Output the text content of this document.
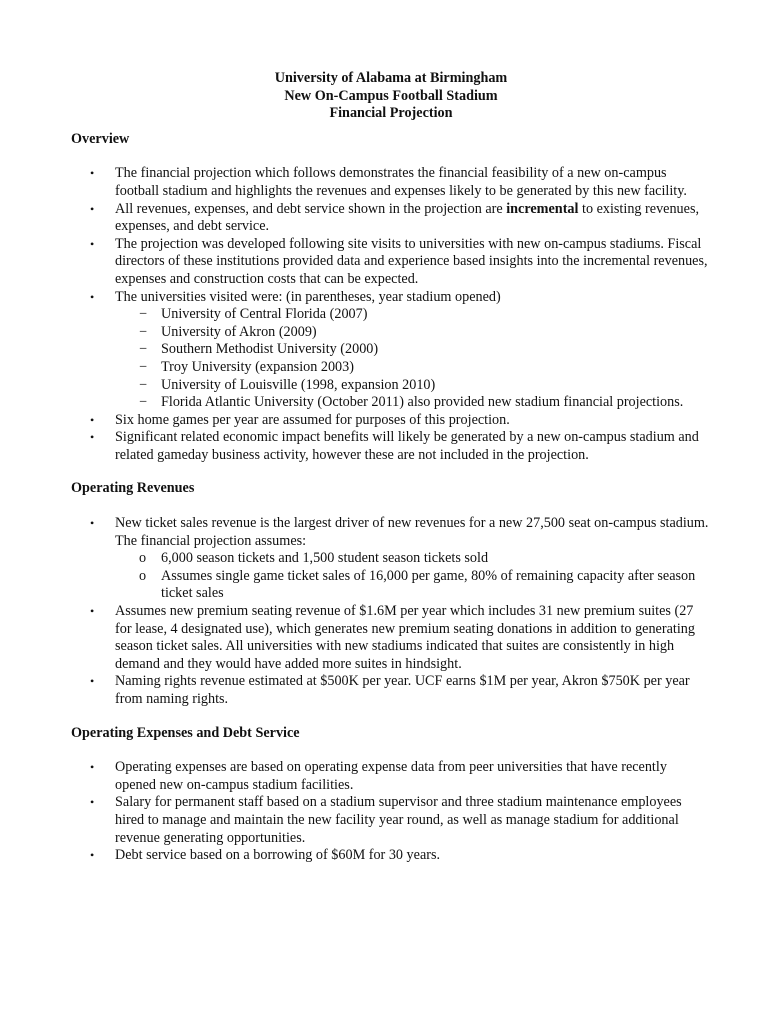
University of Alabama at Birmingham
New On-Campus Football Stadium
Financial Projection
Overview
• The financial projection which follows demonstrates the financial feasibility of a new on-campus football stadium and highlights the revenues and expenses likely to be generated by this new facility.
• All revenues, expenses, and debt service shown in the projection are incremental to existing revenues, expenses, and debt service.
• The projection was developed following site visits to universities with new on-campus stadiums. Fiscal directors of these institutions provided data and experience based insights into the incremental revenues, expenses and construction costs that can be expected.
• The universities visited were: (in parentheses, year stadium opened)
− University of Central Florida (2007)
− University of Akron (2009)
− Southern Methodist University (2000)
− Troy University (expansion 2003)
− University of Louisville (1998, expansion 2010)
− Florida Atlantic University (October 2011) also provided new stadium financial projections.
• Six home games per year are assumed for purposes of this projection.
• Significant related economic impact benefits will likely be generated by a new on-campus stadium and related gameday business activity, however these are not included in the projection.
Operating Revenues
• New ticket sales revenue is the largest driver of new revenues for a new 27,500 seat on-campus stadium. The financial projection assumes:
o 6,000 season tickets and 1,500 student season tickets sold
o Assumes single game ticket sales of 16,000 per game, 80% of remaining capacity after season ticket sales
• Assumes new premium seating revenue of $1.6M per year which includes 31 new premium suites (27 for lease, 4 designated use), which generates new premium seating donations in addition to generating season ticket sales. All universities with new stadiums indicated that suites are consistently in high demand and they would have added more suites in hindsight.
• Naming rights revenue estimated at $500K per year. UCF earns $1M per year, Akron $750K per year from naming rights.
Operating Expenses and Debt Service
• Operating expenses are based on operating expense data from peer universities that have recently opened new on-campus stadium facilities.
• Salary for permanent staff based on a stadium supervisor and three stadium maintenance employees hired to manage and maintain the new facility year round, as well as manage stadium for additional revenue generating opportunities.
• Debt service based on a borrowing of $60M for 30 years.
